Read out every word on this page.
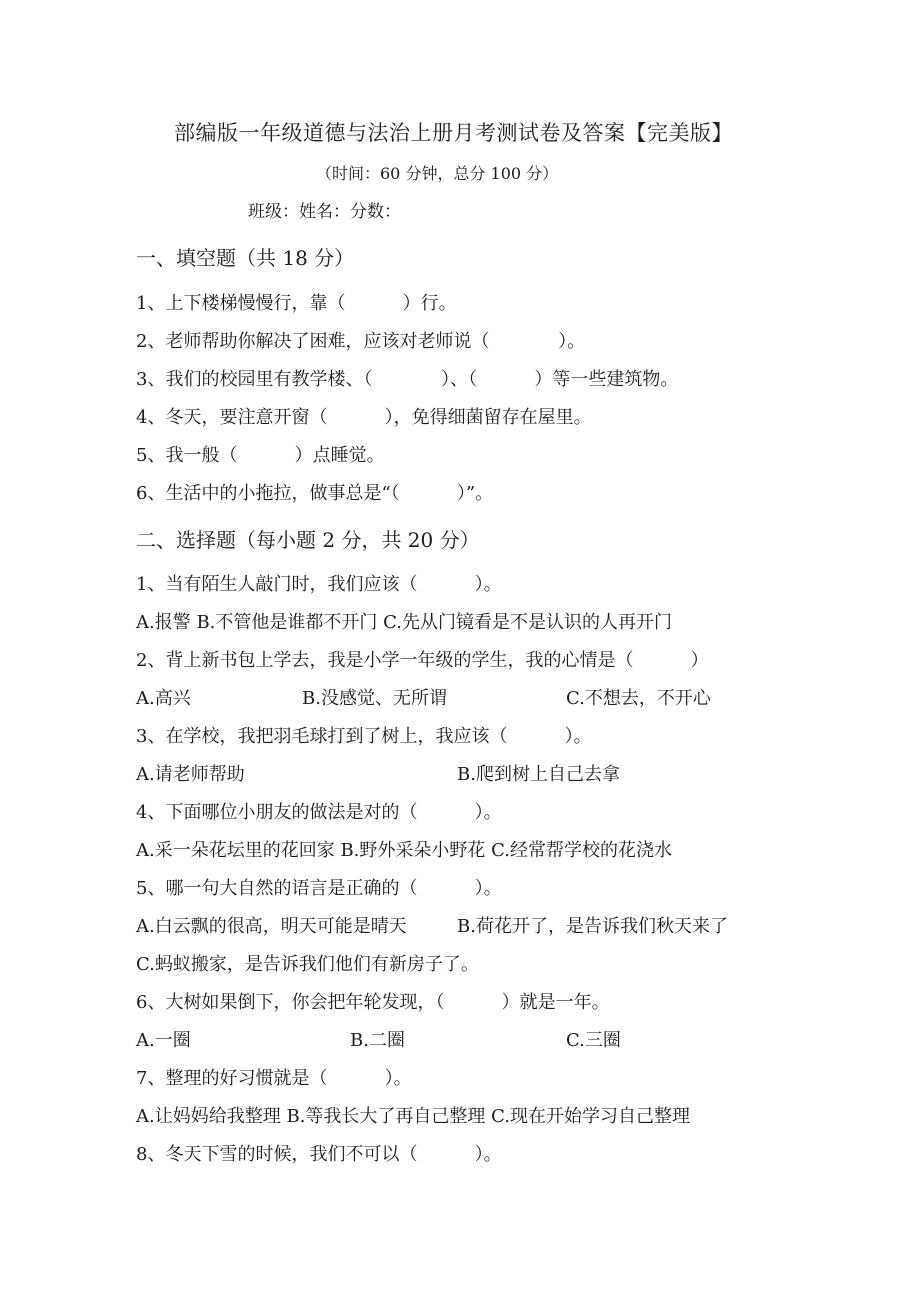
部编版一年级道德与法治上册月考测试卷及答案【完美版】
（时间：60 分钟，总分 100 分）
班级：姓名：分数：
一、填空题（共 18 分）
1、上下楼梯慢慢行，靠（          ）行。
2、老师帮助你解决了困难，应该对老师说（            ）。
3、我们的校园里有教学楼、（            ）、（          ）等一些建筑物。
4、冬天，要注意开窗（          ），免得细菌留存在屋里。
5、我一般（          ）点睡觉。
6、生活中的小拖拉，做事总是“（          ）”。
二、选择题（每小题 2 分，共 20 分）
1、当有陌生人敲门时，我们应该（          ）。
A.报警 B.不管他是谁都不开门 C.先从门镜看是不是认识的人再开门
2、背上新书包上学去，我是小学一年级的学生，我的心情是（          ）
A.高兴	B.没感觉、无所谓	C.不想去，不开心
3、在学校，我把羽毛球打到了树上，我应该（          ）。
A.请老师帮助	B.爬到树上自己去拿
4、下面哪位小朋友的做法是对的（          ）。
A.采一朵花坛里的花回家 B.野外采朵小野花 C.经常帮学校的花浇水
5、哪一句大自然的语言是正确的（          ）。
A.白云飘的很高，明天可能是晴天	B.荷花开了，是告诉我们秋天来了
C.蚂蚁搬家，是告诉我们他们有新房子了。
6、大树如果倒下，你会把年轮发现，（          ）就是一年。
A.一圈	B.二圈	C.三圈
7、整理的好习惯就是（          ）。
A.让妈妈给我整理 B.等我长大了再自己整理 C.现在开始学习自己整理
8、冬天下雪的时候，我们不可以（          ）。
